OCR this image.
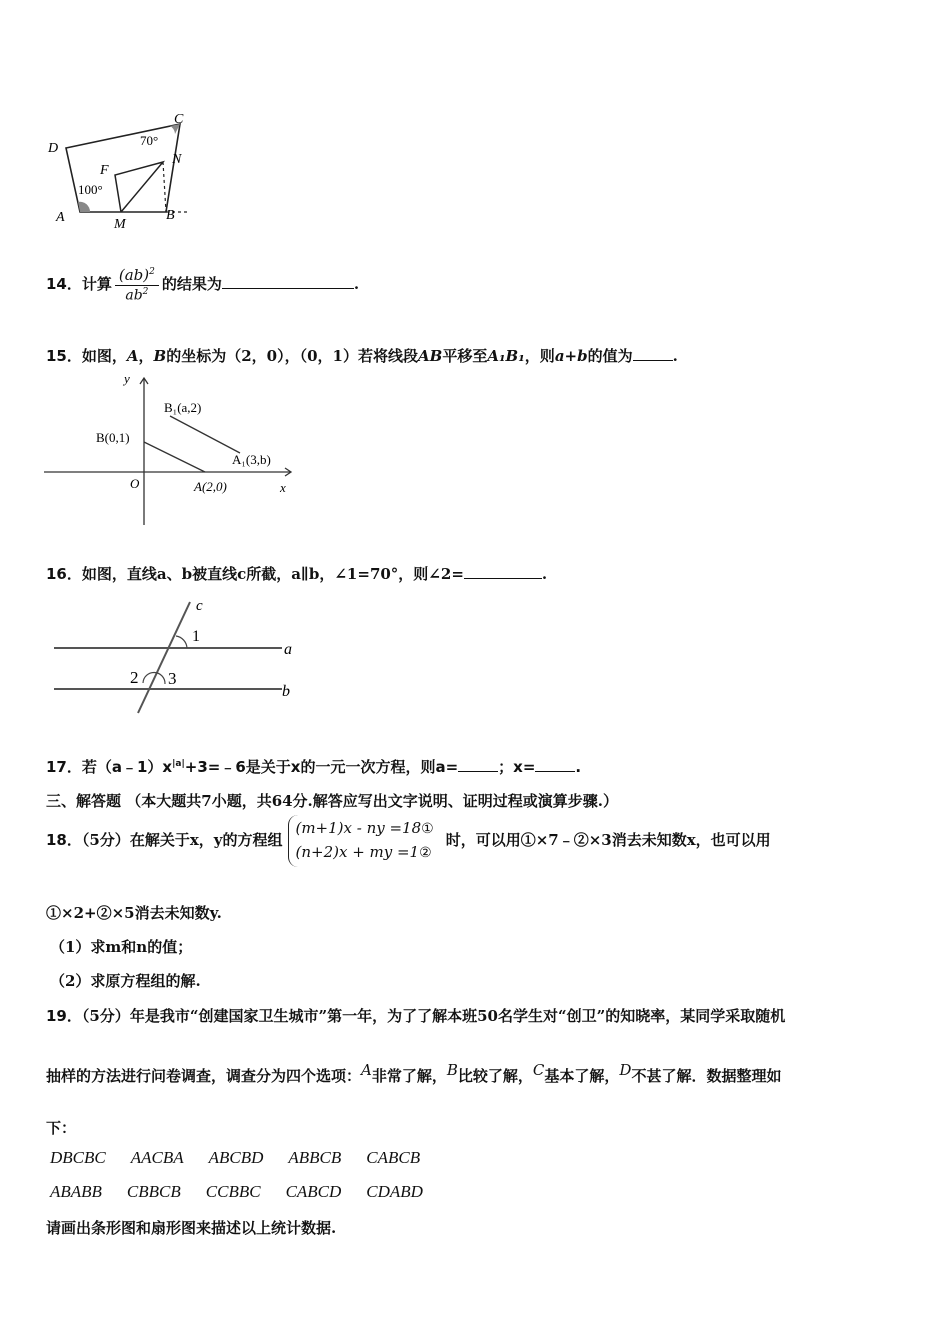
D
C
N
F
A	M
B
70°
100°
14．计算 $\frac{(ab)^2}{ab^2}$ 的结果为	.
15．如图，A，B的坐标为（2，0），（0，1）若将线段AB平移至A₁B₁，则a+b的值为	.
y
x
O
B(0,1)
A(2,0)
B₁(a,2)
A₁(3,b)
16．如图，直线a、b被直线c所截，a∥b，∠1=70°，则∠2=	.
c
a
b
1
2 3
17．若$(a﹣1)x^{|a|}+3=﹣6$是关于x的一元一次方程，则a=	；x=	.
三、解答题 （本大题共7小题，共64分.解答应写出文字说明、证明过程或演算步骤.）
18．（5分）在解关于x，y的方程组
(m+1)x - ny =18①
(n+2)x + my =1②
时，可以用①×7﹣②×3消去未知数x，也可以用
①×2+②×5消去未知数y.
（1）求m和n的值；
（2）求原方程组的解.
19．（5分）年是我市“创建国家卫生城市”第一年，为了了解本班50名学生对“创卫”的知晓率，某同学采取随机
抽样的方法进行问卷调查，调查分为四个选项：$^A$非常了解，$^B$比较了解，$^C$基本了解，$^D$不甚了解．数据整理如
下：
DBCBC AACBA ABCBD ABBCB CABCB
ABABB CBBCB CCBBC CABCD CDABD
请画出条形图和扇形图来描述以上统计数据.
